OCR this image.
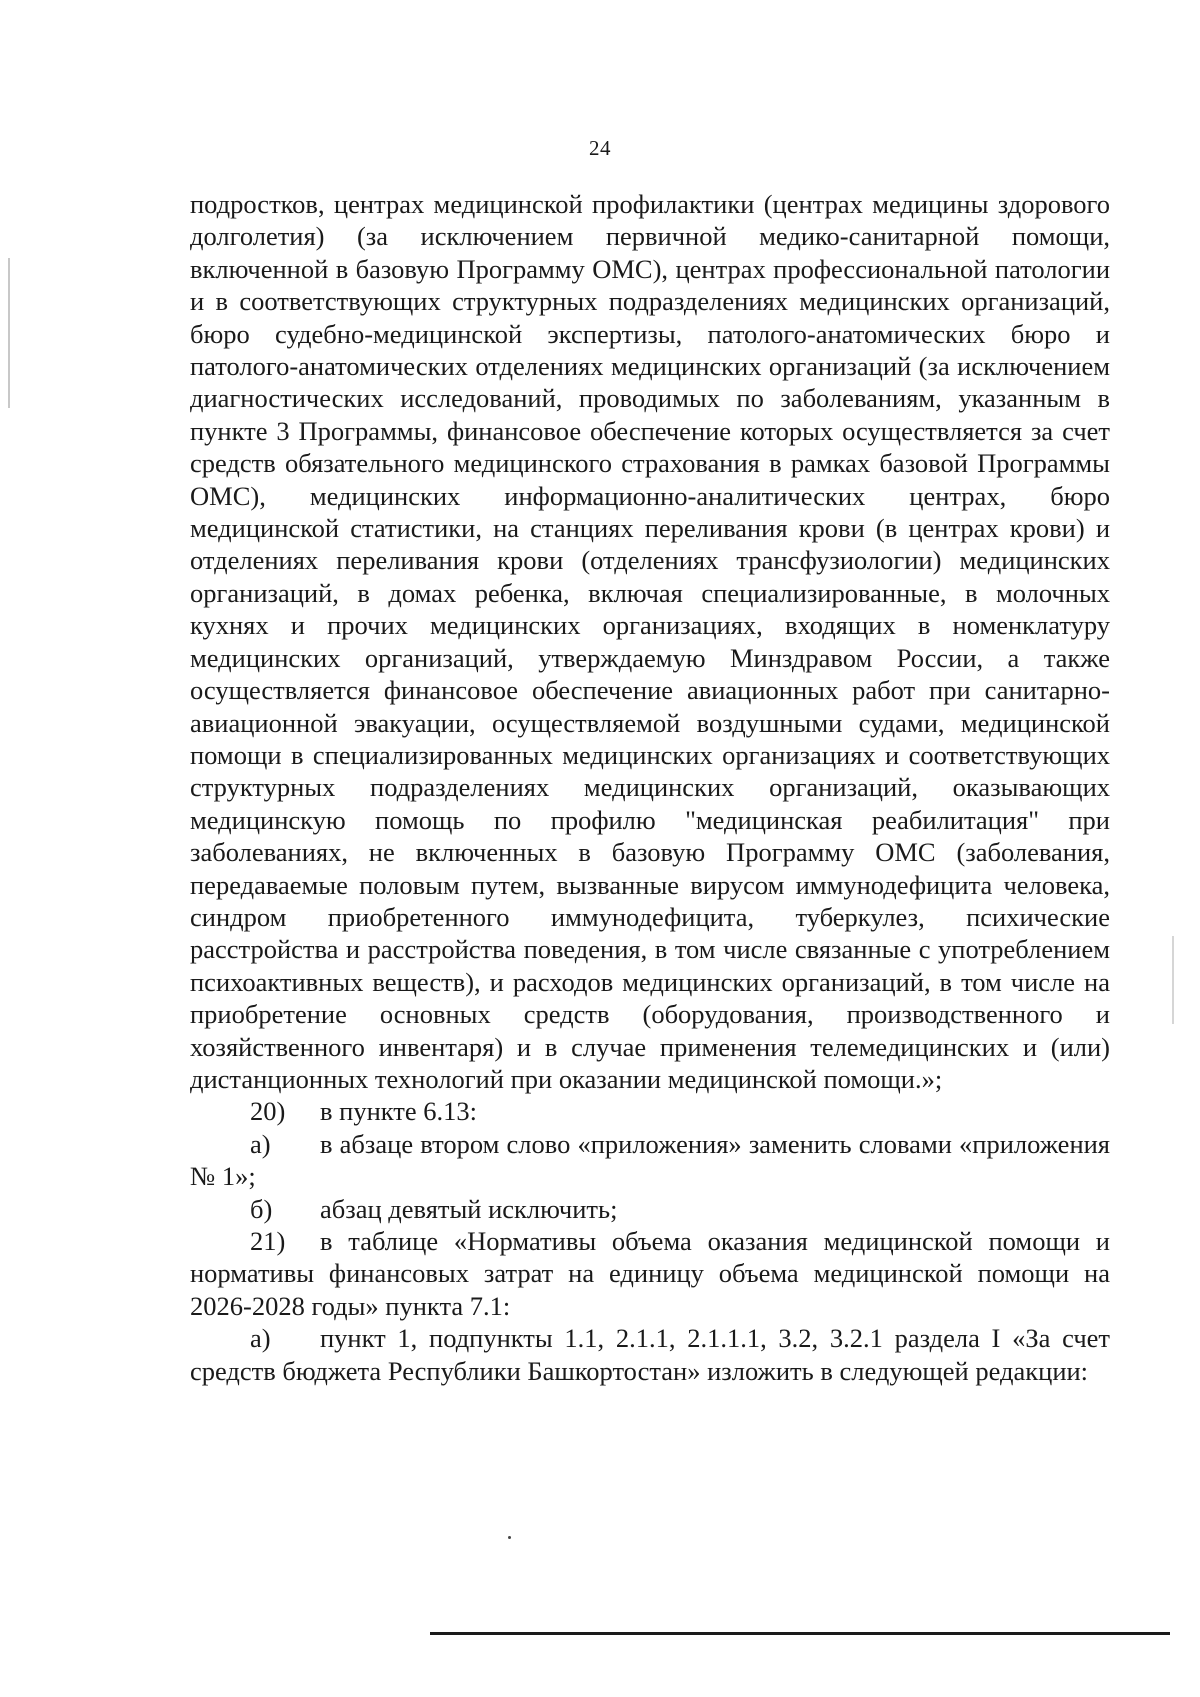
24

подростков, центрах медицинской профилактики (центрах медицины здорового долголетия) (за исключением первичной медико-санитарной помощи, включенной в базовую Программу ОМС), центрах профессиональной патологии и в соответствующих структурных подразделениях медицинских организаций, бюро судебно-медицинской экспертизы, патолого-анатомических бюро и патолого-анатомических отделениях медицинских организаций (за исключением диагностических исследований, проводимых по заболеваниям, указанным в пункте 3 Программы, финансовое обеспечение которых осуществляется за счет средств обязательного медицинского страхования в рамках базовой Программы ОМС), медицинских информационно-аналитических центрах, бюро медицинской статистики, на станциях переливания крови (в центрах крови) и отделениях переливания крови (отделениях трансфузиологии) медицинских организаций, в домах ребенка, включая специализированные, в молочных кухнях и прочих медицинских организациях, входящих в номенклатуру медицинских организаций, утверждаемую Минздравом России, а также осуществляется финансовое обеспечение авиационных работ при санитарно-авиационной эвакуации, осуществляемой воздушными судами, медицинской помощи в специализированных медицинских организациях и соответствующих структурных подразделениях медицинских организаций, оказывающих медицинскую помощь по профилю "медицинская реабилитация" при заболеваниях, не включенных в базовую Программу ОМС (заболевания, передаваемые половым путем, вызванные вирусом иммунодефицита человека, синдром приобретенного иммунодефицита, туберкулез, психические расстройства и расстройства поведения, в том числе связанные с употреблением психоактивных веществ), и расходов медицинских организаций, в том числе на приобретение основных средств (оборудования, производственного и хозяйственного инвентаря) и в случае применения телемедицинских и (или) дистанционных технологий при оказании медицинской помощи.»;

20) в пункте 6.13:

а) в абзаце втором слово «приложения» заменить словами «приложения № 1»;

б) абзац девятый исключить;

21) в таблице «Нормативы объема оказания медицинской помощи и нормативы финансовых затрат на единицу объема медицинской помощи на 2026-2028 годы» пункта 7.1:

а) пункт 1, подпункты 1.1, 2.1.1, 2.1.1.1, 3.2, 3.2.1 раздела I «За счет средств бюджета Республики Башкортостан» изложить в следующей редакции:
